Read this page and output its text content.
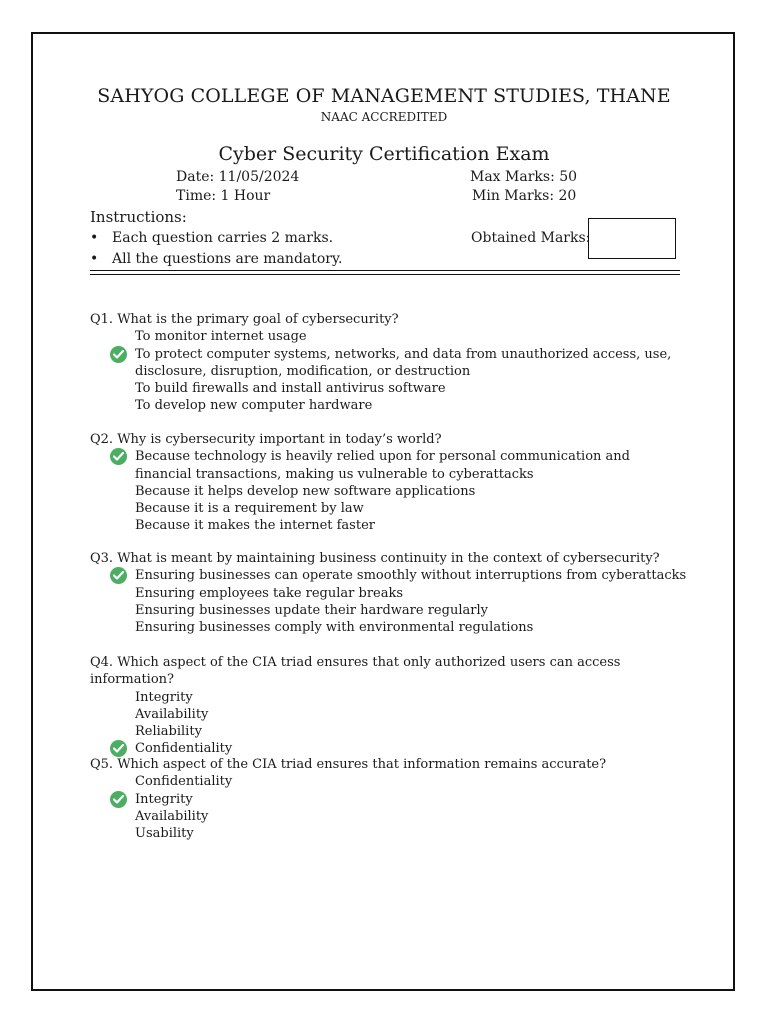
SAHYOG COLLEGE OF MANAGEMENT STUDIES, THANE
NAAC ACCREDITED
Cyber Security Certification Exam
Date: 11/05/2024
Time: 1 Hour
Max Marks: 50
Min Marks: 20
Instructions:
• Each question carries 2 marks.
• All the questions are mandatory.
Obtained Marks:
Q1. What is the primary goal of cybersecurity?
To monitor internet usage
To protect computer systems, networks, and data from unauthorized access, use, disclosure, disruption, modification, or destruction
To build firewalls and install antivirus software
To develop new computer hardware
Q2. Why is cybersecurity important in today’s world?
Because technology is heavily relied upon for personal communication and financial transactions, making us vulnerable to cyberattacks
Because it helps develop new software applications
Because it is a requirement by law
Because it makes the internet faster
Q3. What is meant by maintaining business continuity in the context of cybersecurity?
Ensuring businesses can operate smoothly without interruptions from cyberattacks
Ensuring employees take regular breaks
Ensuring businesses update their hardware regularly
Ensuring businesses comply with environmental regulations
Q4. Which aspect of the CIA triad ensures that only authorized users can access information?
Integrity
Availability
Reliability
Confidentiality
Q5. Which aspect of the CIA triad ensures that information remains accurate?
Confidentiality
Integrity
Availability
Usability
